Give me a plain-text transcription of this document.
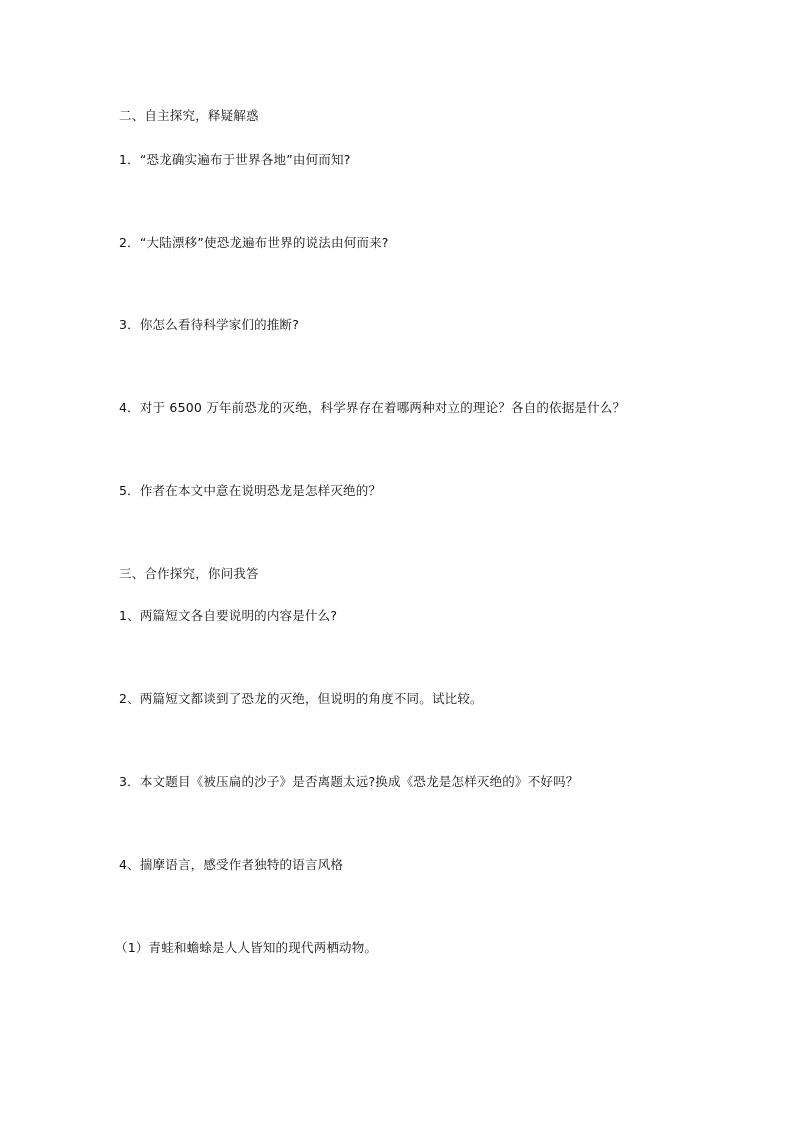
二、自主探究，释疑解惑
1．“恐龙确实遍布于世界各地”由何而知?
2．“大陆漂移”使恐龙遍布世界的说法由何而来?
3．你怎么看待科学家们的推断?
4．对于 6500 万年前恐龙的灭绝，科学界存在着哪两种对立的理论？各自的依据是什么？
5．作者在本文中意在说明恐龙是怎样灭绝的？
三、合作探究，你问我答
1、两篇短文各自要说明的内容是什么?
2、两篇短文都谈到了恐龙的灭绝，但说明的角度不同。试比较。
3．本文题目《被压扁的沙子》是否离题太远?换成《恐龙是怎样灭绝的》不好吗？
4、揣摩语言，感受作者独特的语言风格
（1）青蛙和蟾蜍是人人皆知的现代两栖动物。
